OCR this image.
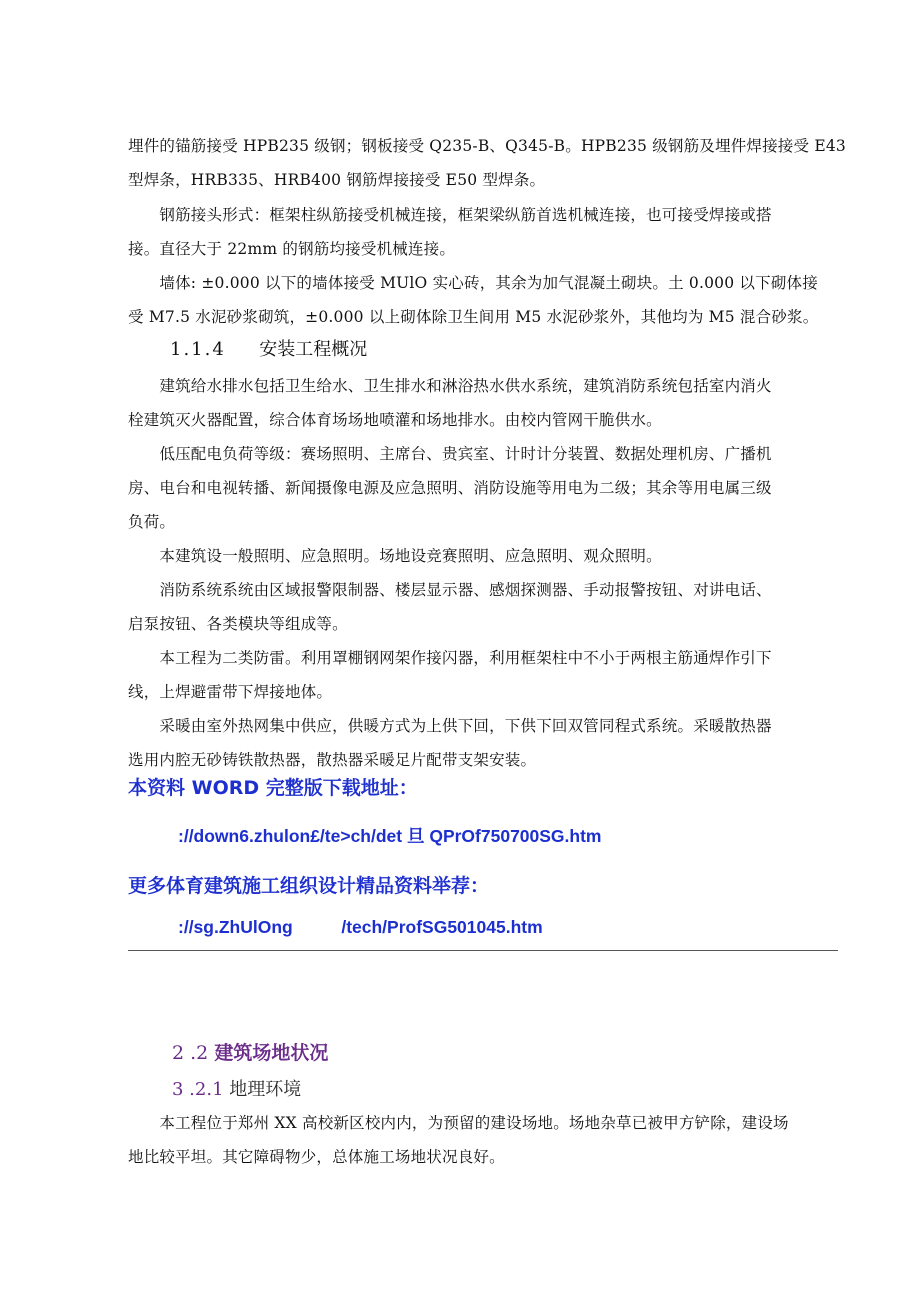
埋件的锚筋接受 HPB235 级钢；钢板接受 Q235-B、Q345-B。HPB235 级钢筋及埋件焊接接受 E43
型焊条，HRB335、HRB400 钢筋焊接接受 E50 型焊条。
　　钢筋接头形式：框架柱纵筋接受机械连接，框架梁纵筋首选机械连接，也可接受焊接或搭
接。直径大于 22mm 的钢筋均接受机械连接。
　　墙体: ±0.000 以下的墙体接受 MUlO 实心砖，其余为加气混凝土砌块。土 0.000 以下砌体接
受 M7.5 水泥砂浆砌筑，±0.000 以上砌体除卫生间用 M5 水泥砂浆外，其他均为 M5 混合砂浆。
1.1.4 安装工程概况
　　建筑给水排水包括卫生给水、卫生排水和淋浴热水供水系统，建筑消防系统包括室内消火
栓建筑灭火器配置，综合体育场场地喷灌和场地排水。由校内管网干脆供水。
　　低压配电负荷等级：赛场照明、主席台、贵宾室、计时计分装置、数据处理机房、广播机
房、电台和电视转播、新闻摄像电源及应急照明、消防设施等用电为二级；其余等用电属三级
负荷。
　　本建筑设一般照明、应急照明。场地设竞赛照明、应急照明、观众照明。
　　消防系统系统由区域报警限制器、楼层显示器、感烟探测器、手动报警按钮、对讲电话、
启泵按钮、各类模块等组成等。
　　本工程为二类防雷。利用罩棚钢网架作接闪器，利用框架柱中不小于两根主筋通焊作引下
线，上焊避雷带下焊接地体。
　　采暖由室外热网集中供应，供暖方式为上供下回，下供下回双管同程式系统。采暖散热器
选用内腔无砂铸铁散热器，散热器采暖足片配带支架安装。
本资料 WORD 完整版下载地址：
://down6.zhulon£/te>ch/det 旦 QPrOf750700SG.htm
更多体育建筑施工组织设计精品资料举荐：
://sg.ZhUlOng          /tech/ProfSG501045.htm
2 .2 建筑场地状况
3 .2.1 地理环境
　　本工程位于郑州 XX 高校新区校内内，为预留的建设场地。场地杂草已被甲方铲除，建设场
地比较平坦。其它障碍物少，总体施工场地状况良好。
